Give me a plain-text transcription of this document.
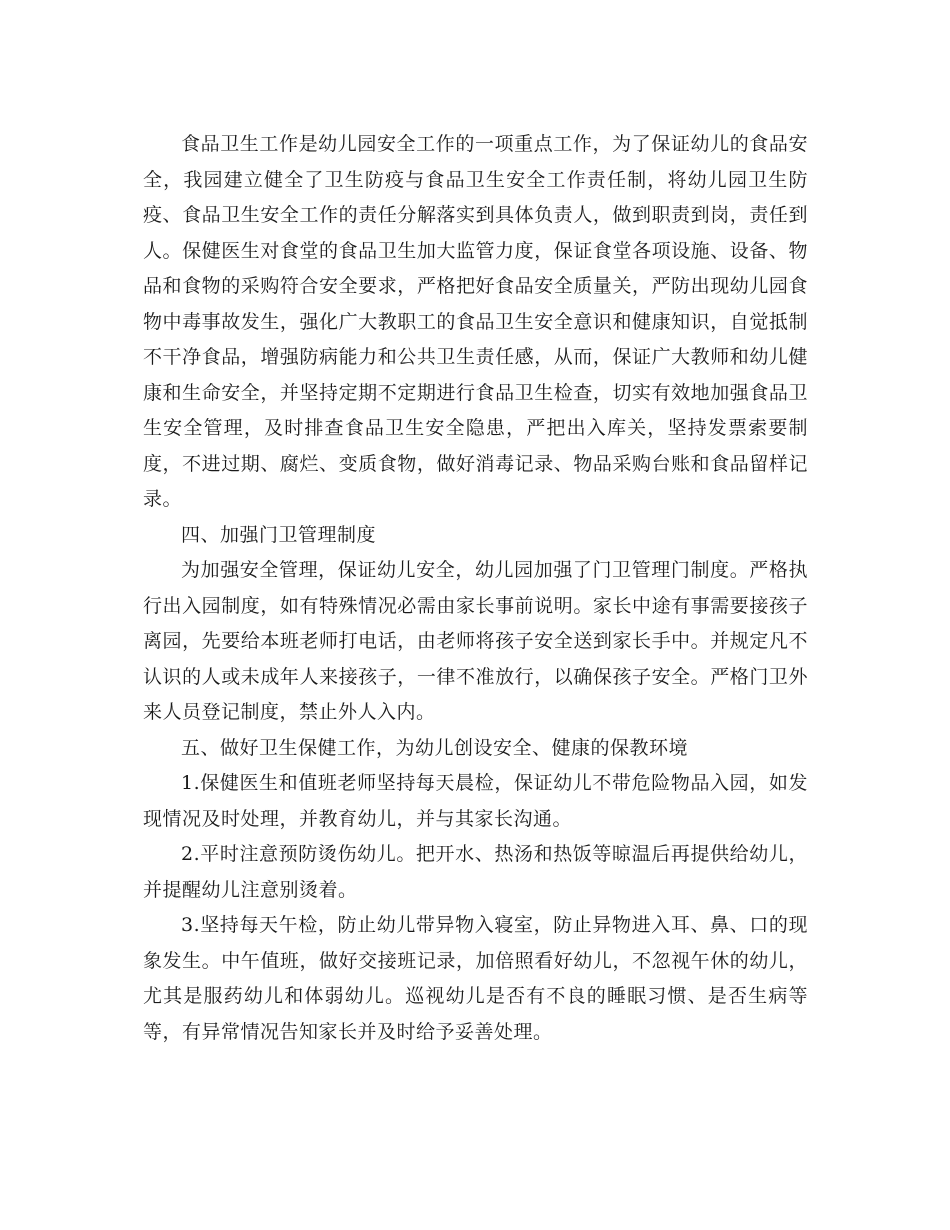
食品卫生工作是幼儿园安全工作的一项重点工作，为了保证幼儿的食品安全，我园建立健全了卫生防疫与食品卫生安全工作责任制，将幼儿园卫生防疫、食品卫生安全工作的责任分解落实到具体负责人，做到职责到岗，责任到人。保健医生对食堂的食品卫生加大监管力度，保证食堂各项设施、设备、物品和食物的采购符合安全要求，严格把好食品安全质量关，严防出现幼儿园食物中毒事故发生，强化广大教职工的食品卫生安全意识和健康知识，自觉抵制不干净食品，增强防病能力和公共卫生责任感，从而，保证广大教师和幼儿健康和生命安全，并坚持定期不定期进行食品卫生检查，切实有效地加强食品卫生安全管理，及时排查食品卫生安全隐患，严把出入库关，坚持发票索要制度，不进过期、腐烂、变质食物，做好消毒记录、物品采购台账和食品留样记录。

四、加强门卫管理制度

为加强安全管理，保证幼儿安全，幼儿园加强了门卫管理门制度。严格执行出入园制度，如有特殊情况必需由家长事前说明。家长中途有事需要接孩子离园，先要给本班老师打电话，由老师将孩子安全送到家长手中。并规定凡不认识的人或未成年人来接孩子，一律不准放行，以确保孩子安全。严格门卫外来人员登记制度，禁止外人入内。

五、做好卫生保健工作，为幼儿创设安全、健康的保教环境

1.保健医生和值班老师坚持每天晨检，保证幼儿不带危险物品入园，如发现情况及时处理，并教育幼儿，并与其家长沟通。

2.平时注意预防烫伤幼儿。把开水、热汤和热饭等晾温后再提供给幼儿，并提醒幼儿注意别烫着。

3.坚持每天午检，防止幼儿带异物入寝室，防止异物进入耳、鼻、口的现象发生。中午值班，做好交接班记录，加倍照看好幼儿，不忽视午休的幼儿，尤其是服药幼儿和体弱幼儿。巡视幼儿是否有不良的睡眠习惯、是否生病等等，有异常情况告知家长并及时给予妥善处理。
